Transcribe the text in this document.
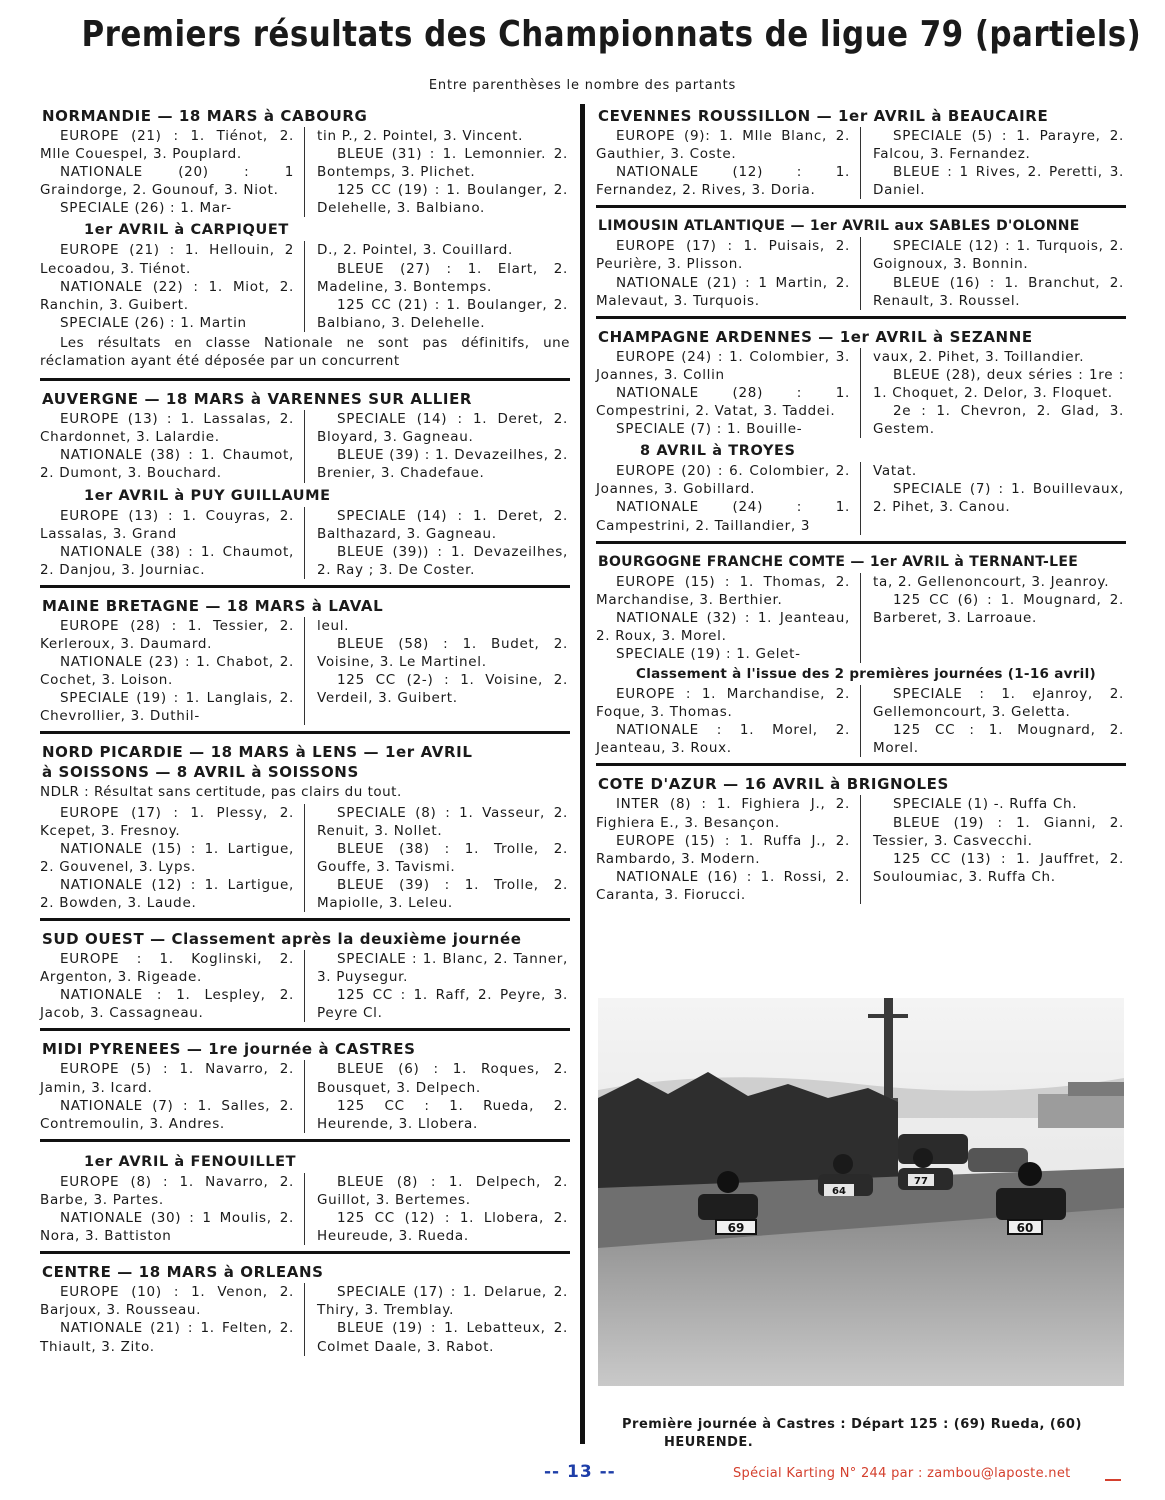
Premiers résultats des Championnats de ligue 79 (partiels)
Entre parenthèses le nombre des partants
NORMANDIE — 18 MARS à CABOURG

EUROPE (21) : 1. Tiénot, 2. Mlle Couespel, 3. Pouplard.

NATIONALE (20) : 1 Graindorge, 2. Gounouf, 3. Niot.

SPECIALE (26) : 1. Mar-

tin P., 2. Pointel, 3. Vincent.

BLEUE (31) : 1. Lemonnier. 2. Bontemps, 3. Plichet.

125 CC (19) : 1. Boulanger, 2. Delehelle, 3. Balbiano.

1er AVRIL à CARPIQUET

EUROPE (21) : 1. Hellouin, 2 Lecoadou, 3. Tiénot.

NATIONALE (22) : 1. Miot, 2. Ranchin, 3. Guibert.

SPECIALE (26) : 1. Martin

D., 2. Pointel, 3. Couillard.

BLEUE (27) : 1. Elart, 2. Madeline, 3. Bontemps.

125 CC (21) : 1. Boulanger, 2. Balbiano, 3. Delehelle.

Les résultats en classe Nationale ne sont pas définitifs, une réclamation ayant été déposée par un concurrent
AUVERGNE — 18 MARS à VARENNES SUR ALLIER

EUROPE (13) : 1. Lassalas, 2. Chardonnet, 3. Lalardie.

NATIONALE (38) : 1. Chaumot, 2. Dumont, 3. Bouchard.

SPECIALE (14) : 1. Deret, 2. Bloyard, 3. Gagneau.

BLEUE (39) : 1. Devazeilhes, 2. Brenier, 3. Chadefaue.

1er AVRIL à PUY GUILLAUME

EUROPE (13) : 1. Couyras, 2. Lassalas, 3. Grand

NATIONALE (38) : 1. Chaumot, 2. Danjou, 3. Journiac.

SPECIALE (14) : 1. Deret, 2. Balthazard, 3. Gagneau.

BLEUE (39)) : 1. Devazeilhes, 2. Ray ; 3. De Coster.

MAINE BRETAGNE — 18 MARS à LAVAL

EUROPE (28) : 1. Tessier, 2. Kerleroux, 3. Daumard.

NATIONALE (23) : 1. Chabot, 2. Cochet, 3. Loison.

SPECIALE (19) : 1. Langlais, 2. Chevrollier, 3. Duthil-

leul.

BLEUE (58) : 1. Budet, 2. Voisine, 3. Le Martinel.

125 CC (2-) : 1. Voisine, 2. Verdeil, 3. Guibert.

NORD PICARDIE — 18 MARS à LENS — 1er AVRIL
à SOISSONS — 8 AVRIL à SOISSONS
NDLR : Résultat sans certitude, pas clairs du tout.

EUROPE (17) : 1. Plessy, 2. Kcepet, 3. Fresnoy.

NATIONALE (15) : 1. Lartigue, 2. Gouvenel, 3. Lyps.

NATIONALE (12) : 1. Lartigue, 2. Bowden, 3. Laude.

SPECIALE (8) : 1. Vasseur, 2. Renuit, 3. Nollet.

BLEUE (38) : 1. Trolle, 2. Gouffe, 3. Tavismi.

BLEUE (39) : 1. Trolle, 2. Mapiolle, 3. Leleu.

SUD OUEST — Classement après la deuxième journée

EUROPE : 1. Koglinski, 2. Argenton, 3. Rigeade.

NATIONALE : 1. Lespley, 2. Jacob, 3. Cassagneau.

SPECIALE : 1. Blanc, 2. Tanner, 3. Puysegur.

125 CC : 1. Raff, 2. Peyre, 3. Peyre Cl.

MIDI PYRENEES — 1re journée à CASTRES

EUROPE (5) : 1. Navarro, 2. Jamin, 3. Icard.

NATIONALE (7) : 1. Salles, 2. Contremoulin, 3. Andres.

BLEUE (6) : 1. Roques, 2. Bousquet, 3. Delpech.

125 CC : 1. Rueda, 2. Heurende, 3. Llobera.

1er AVRIL à FENOUILLET

EUROPE (8) : 1. Navarro, 2. Barbe, 3. Partes.

NATIONALE (30) : 1 Moulis, 2. Nora, 3. Battiston

BLEUE (8) : 1. Delpech, 2. Guillot, 3. Bertemes.

125 CC (12) : 1. Llobera, 2. Heureude, 3. Rueda.

CENTRE — 18 MARS à ORLEANS

EUROPE (10) : 1. Venon, 2. Barjoux, 3. Rousseau.

NATIONALE (21) : 1. Felten, 2. Thiault, 3. Zito.

SPECIALE (17) : 1. Delarue, 2. Thiry, 3. Tremblay.

BLEUE (19) : 1. Lebatteux, 2. Colmet Daale, 3. Rabot.

CEVENNES ROUSSILLON — 1er AVRIL à BEAUCAIRE

EUROPE (9): 1. Mlle Blanc, 2. Gauthier, 3. Coste.

NATIONALE (12) : 1. Fernandez, 2. Rives, 3. Doria.

SPECIALE (5) : 1. Parayre, 2. Falcou, 3. Fernandez.

BLEUE : 1 Rives, 2. Peretti, 3. Daniel.

LIMOUSIN ATLANTIQUE — 1er AVRIL aux SABLES D'OLONNE

EUROPE (17) : 1. Puisais, 2. Peurière, 3. Plisson.

NATIONALE (21) : 1 Martin, 2. Malevaut, 3. Turquois.

SPECIALE (12) : 1. Turquois, 2. Goignoux, 3. Bonnin.

BLEUE (16) : 1. Branchut, 2. Renault, 3. Roussel.

CHAMPAGNE ARDENNES — 1er AVRIL à SEZANNE

EUROPE (24) : 1. Colombier, 3. Joannes, 3. Collin

NATIONALE (28) : 1. Compestrini, 2. Vatat, 3. Taddei.

SPECIALE (7) : 1. Bouille-

vaux, 2. Pihet, 3. Toillandier.

BLEUE (28), deux séries : 1re : 1. Choquet, 2. Delor, 3. Floquet.

2e : 1. Chevron, 2. Glad, 3. Gestem.

8 AVRIL à TROYES

EUROPE (20) : 6. Colombier, 2. Joannes, 3. Gobillard.

NATIONALE (24) : 1. Campestrini, 2. Taillandier, 3

Vatat.

SPECIALE (7) : 1. Bouillevaux, 2. Pihet, 3. Canou.

BOURGOGNE FRANCHE COMTE — 1er AVRIL à TERNANT-LEE

EUROPE (15) : 1. Thomas, 2. Marchandise, 3. Berthier.

NATIONALE (32) : 1. Jeanteau, 2. Roux, 3. Morel.

SPECIALE (19) : 1. Gelet-

ta, 2. Gellenoncourt, 3. Jeanroy.

125 CC (6) : 1. Mougnard, 2. Barberet, 3. Larroaue.

Classement à l'issue des 2 premières journées (1-16 avril)

EUROPE : 1. Marchandise, 2. Foque, 3. Thomas.

NATIONALE : 1. Morel, 2. Jeanteau, 3. Roux.

SPECIALE : 1. eJanroy, 2. Gellemoncourt, 3. Geletta.

125 CC : 1. Mougnard, 2. Morel.

COTE D'AZUR — 16 AVRIL à BRIGNOLES

INTER (8) : 1. Fighiera J., 2. Fighiera E., 3. Besançon.

EUROPE (15) : 1. Ruffa J., 2. Rambardo, 3. Modern.

NATIONALE (16) : 1. Rossi, 2. Caranta, 3. Fiorucci.

SPECIALE (1) -. Ruffa Ch.

BLEUE (19) : 1. Gianni, 2. Tessier, 3. Casvecchi.

125 CC (13) : 1. Jauffret, 2. Souloumiac, 3. Ruffa Ch.

69
64
77
60
Première journée à Castres : Départ 125 : (69) Rueda, (60)
HEURENDE.
-- 13 --	Spécial Karting N° 244 par : zambou@laposte.net
